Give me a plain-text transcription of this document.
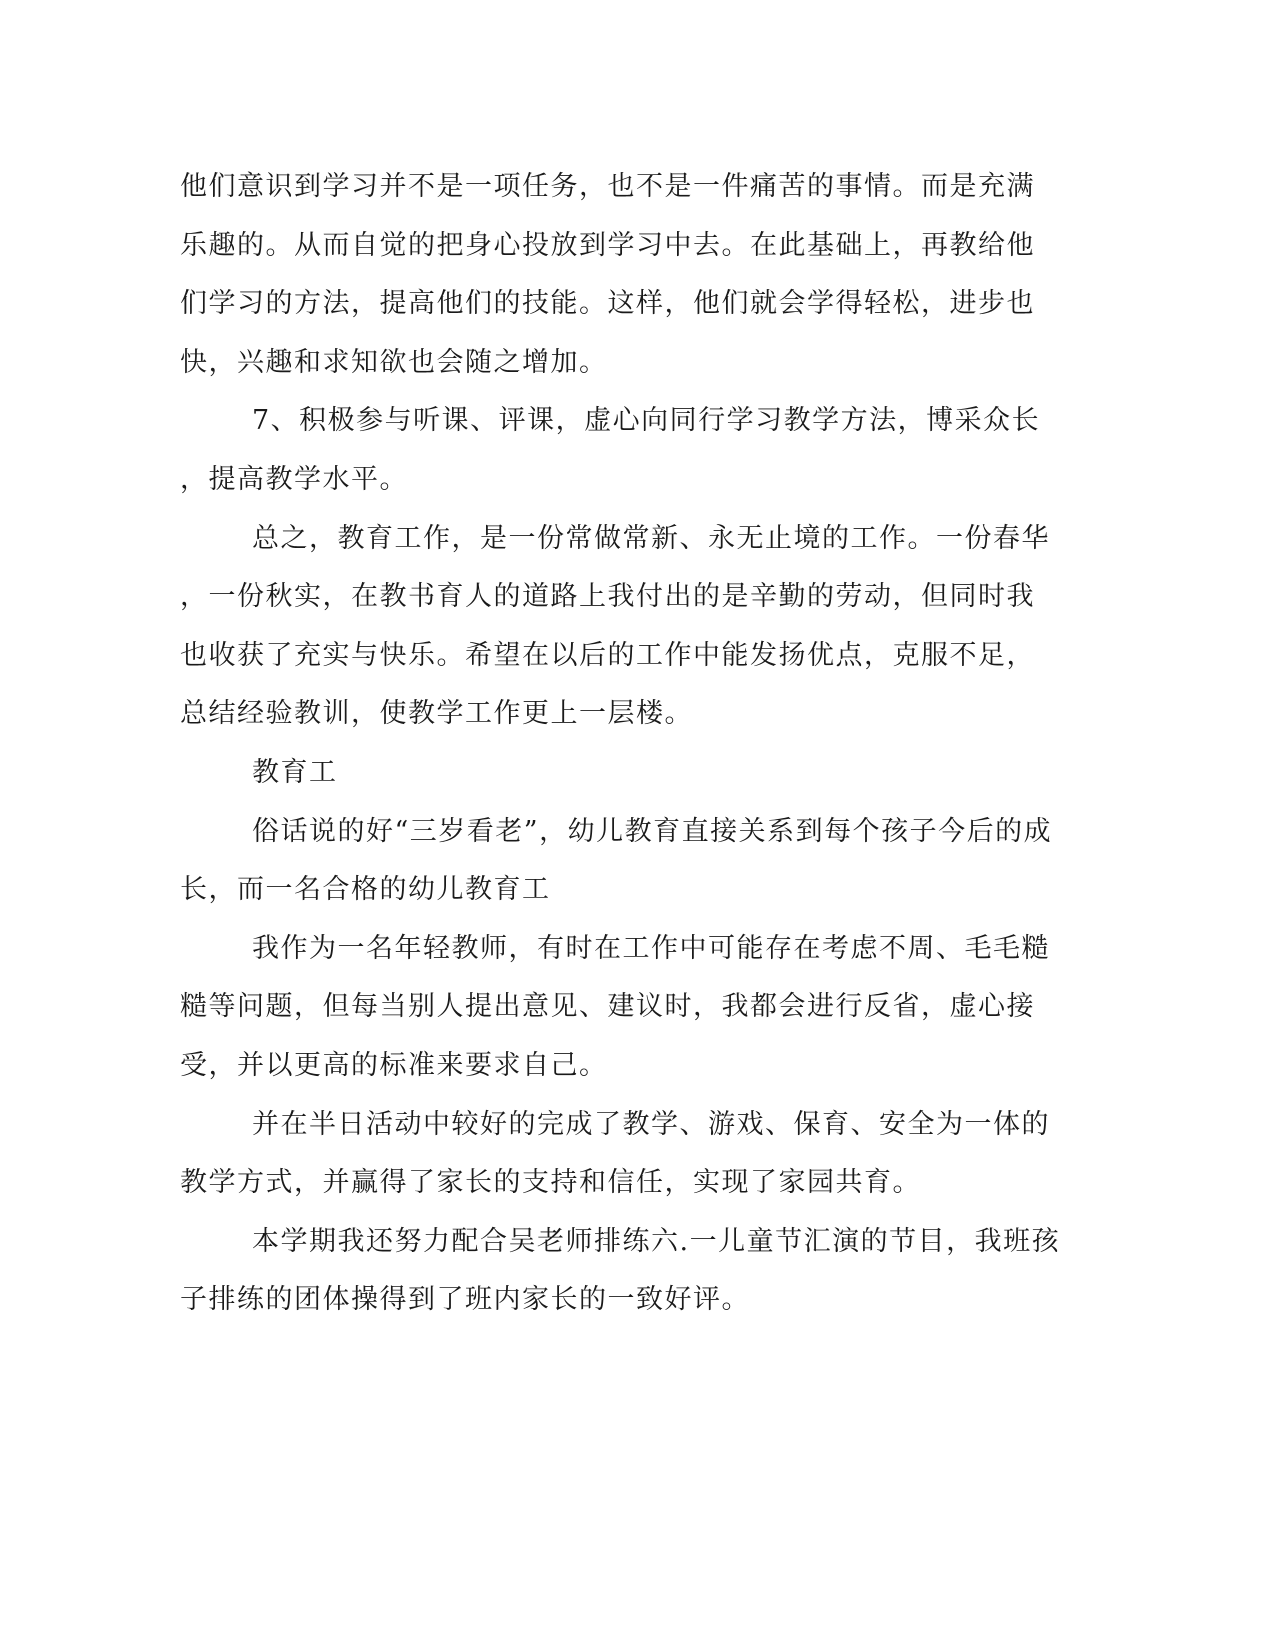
他们意识到学习并不是一项任务，也不是一件痛苦的事情。而是充满
乐趣的。从而自觉的把身心投放到学习中去。在此基础上，再教给他
们学习的方法，提高他们的技能。这样，他们就会学得轻松，进步也
快，兴趣和求知欲也会随之增加。
7、积极参与听课、评课，虚心向同行学习教学方法，博采众长
，提高教学水平。
总之，教育工作，是一份常做常新、永无止境的工作。一份春华
，一份秋实，在教书育人的道路上我付出的是辛勤的劳动，但同时我
也收获了充实与快乐。希望在以后的工作中能发扬优点，克服不足，
总结经验教训，使教学工作更上一层楼。
教育工
俗话说的好“三岁看老”，幼儿教育直接关系到每个孩子今后的成
长，而一名合格的幼儿教育工
我作为一名年轻教师，有时在工作中可能存在考虑不周、毛毛糙
糙等问题，但每当别人提出意见、建议时，我都会进行反省，虚心接
受，并以更高的标准来要求自己。
并在半日活动中较好的完成了教学、游戏、保育、安全为一体的
教学方式，并赢得了家长的支持和信任，实现了家园共育。
本学期我还努力配合吴老师排练六.一儿童节汇演的节目，我班孩
子排练的团体操得到了班内家长的一致好评。
